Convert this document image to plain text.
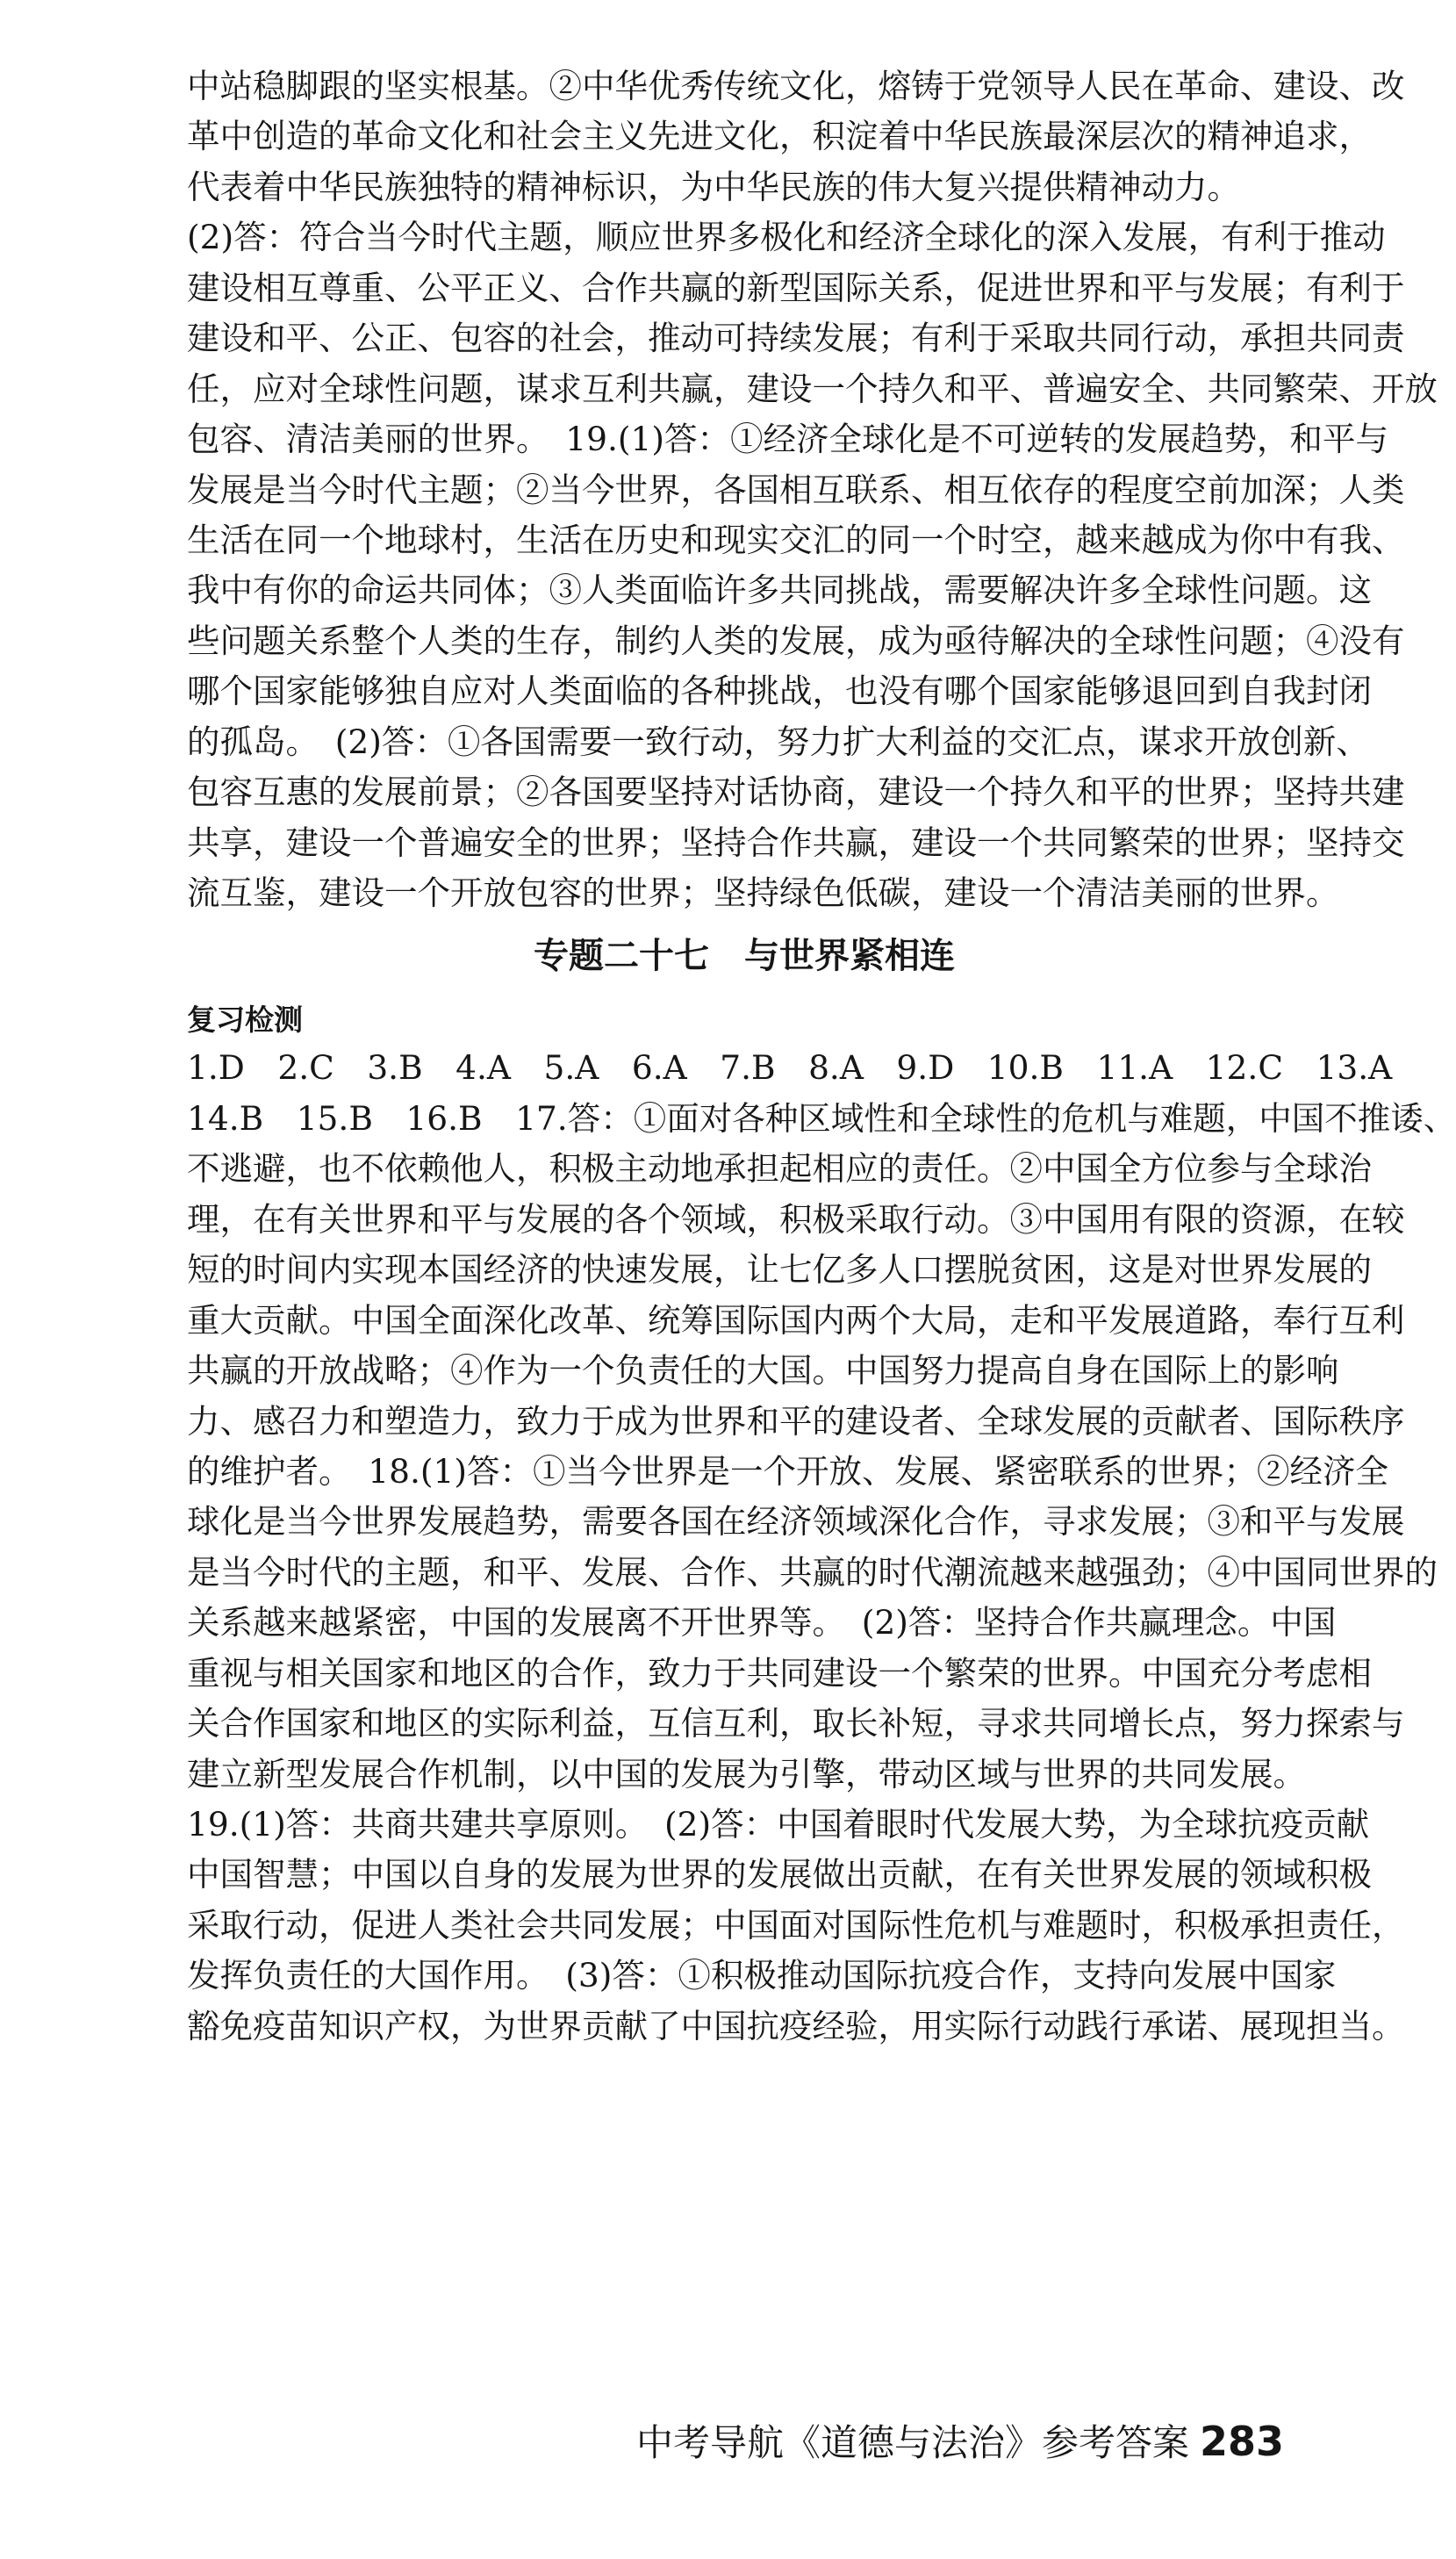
中站稳脚跟的坚实根基。②中华优秀传统文化，熔铸于党领导人民在革命、建设、改
革中创造的革命文化和社会主义先进文化，积淀着中华民族最深层次的精神追求，
代表着中华民族独特的精神标识，为中华民族的伟大复兴提供精神动力。
(2)答：符合当今时代主题，顺应世界多极化和经济全球化的深入发展，有利于推动
建设相互尊重、公平正义、合作共赢的新型国际关系，促进世界和平与发展；有利于
建设和平、公正、包容的社会，推动可持续发展；有利于采取共同行动，承担共同责
任，应对全球性问题，谋求互利共赢，建设一个持久和平、普遍安全、共同繁荣、开放
包容、清洁美丽的世界。　19.(1)答：①经济全球化是不可逆转的发展趋势，和平与
发展是当今时代主题；②当今世界，各国相互联系、相互依存的程度空前加深；人类
生活在同一个地球村，生活在历史和现实交汇的同一个时空，越来越成为你中有我、
我中有你的命运共同体；③人类面临许多共同挑战，需要解决许多全球性问题。这
些问题关系整个人类的生存，制约人类的发展，成为亟待解决的全球性问题；④没有
哪个国家能够独自应对人类面临的各种挑战，也没有哪个国家能够退回到自我封闭
的孤岛。　(2)答：①各国需要一致行动，努力扩大利益的交汇点，谋求开放创新、
包容互惠的发展前景；②各国要坚持对话协商，建设一个持久和平的世界；坚持共建
共享，建设一个普遍安全的世界；坚持合作共赢，建设一个共同繁荣的世界；坚持交
流互鉴，建设一个开放包容的世界；坚持绿色低碳，建设一个清洁美丽的世界。
专题二十七　与世界紧相连
复习检测
1.D　2.C　3.B　4.A　5.A　6.A　7.B　8.A　9.D　10.B　11.A　12.C　13.A
14.B　15.B　16.B　17.答：①面对各种区域性和全球性的危机与难题，中国不推诿、
不逃避，也不依赖他人，积极主动地承担起相应的责任。②中国全方位参与全球治
理，在有关世界和平与发展的各个领域，积极采取行动。③中国用有限的资源，在较
短的时间内实现本国经济的快速发展，让七亿多人口摆脱贫困，这是对世界发展的
重大贡献。中国全面深化改革、统筹国际国内两个大局，走和平发展道路，奉行互利
共赢的开放战略；④作为一个负责任的大国。中国努力提高自身在国际上的影响
力、感召力和塑造力，致力于成为世界和平的建设者、全球发展的贡献者、国际秩序
的维护者。　18.(1)答：①当今世界是一个开放、发展、紧密联系的世界；②经济全
球化是当今世界发展趋势，需要各国在经济领域深化合作，寻求发展；③和平与发展
是当今时代的主题，和平、发展、合作、共赢的时代潮流越来越强劲；④中国同世界的
关系越来越紧密，中国的发展离不开世界等。　(2)答：坚持合作共赢理念。中国
重视与相关国家和地区的合作，致力于共同建设一个繁荣的世界。中国充分考虑相
关合作国家和地区的实际利益，互信互利，取长补短，寻求共同增长点，努力探索与
建立新型发展合作机制，以中国的发展为引擎，带动区域与世界的共同发展。
19.(1)答：共商共建共享原则。　(2)答：中国着眼时代发展大势，为全球抗疫贡献
中国智慧；中国以自身的发展为世界的发展做出贡献，在有关世界发展的领域积极
采取行动，促进人类社会共同发展；中国面对国际性危机与难题时，积极承担责任，
发挥负责任的大国作用。　(3)答：①积极推动国际抗疫合作，支持向发展中国家
豁免疫苗知识产权，为世界贡献了中国抗疫经验，用实际行动践行承诺、展现担当。
中考导航《道德与法治》参考答案 283
